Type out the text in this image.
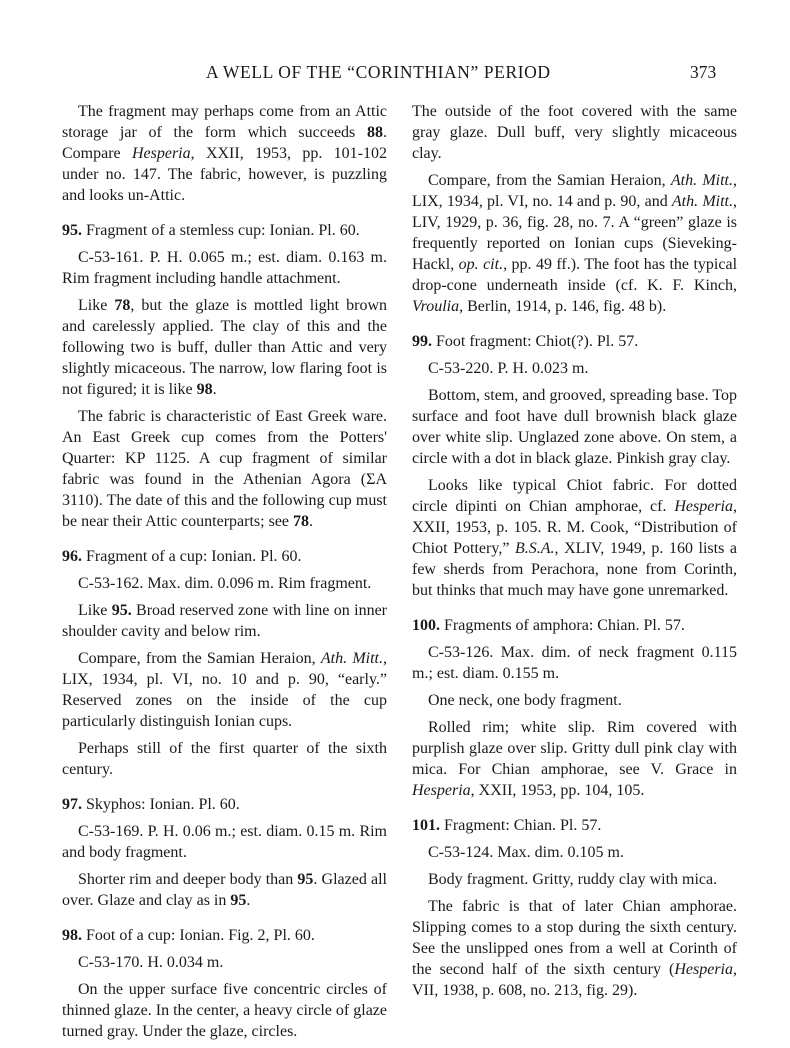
A WELL OF THE “CORINTHIAN” PERIOD	373

The fragment may perhaps come from an Attic storage jar of the form which succeeds 88. Compare Hesperia, XXII, 1953, pp. 101-102 under no. 147. The fabric, however, is puzzling and looks un-Attic.

95. Fragment of a stemless cup: Ionian. Pl. 60.

C-53-161. P. H. 0.065 m.; est. diam. 0.163 m. Rim fragment including handle attachment.

Like 78, but the glaze is mottled light brown and carelessly applied. The clay of this and the following two is buff, duller than Attic and very slightly micaceous. The narrow, low flaring foot is not figured; it is like 98.

The fabric is characteristic of East Greek ware. An East Greek cup comes from the Potters' Quarter: KP 1125. A cup fragment of similar fabric was found in the Athenian Agora (ΣA 3110). The date of this and the following cup must be near their Attic counterparts; see 78.

96. Fragment of a cup: Ionian. Pl. 60.

C-53-162. Max. dim. 0.096 m. Rim fragment.

Like 95. Broad reserved zone with line on inner shoulder cavity and below rim.

Compare, from the Samian Heraion, Ath. Mitt., LIX, 1934, pl. VI, no. 10 and p. 90, “early.” Reserved zones on the inside of the cup particularly distinguish Ionian cups.

Perhaps still of the first quarter of the sixth century.

97. Skyphos: Ionian. Pl. 60.

C-53-169. P. H. 0.06 m.; est. diam. 0.15 m. Rim and body fragment.

Shorter rim and deeper body than 95. Glazed all over. Glaze and clay as in 95.

98. Foot of a cup: Ionian. Fig. 2, Pl. 60.

C-53-170. H. 0.034 m.

On the upper surface five concentric circles of thinned glaze. In the center, a heavy circle of glaze turned gray. Under the glaze, circles.

The outside of the foot covered with the same gray glaze. Dull buff, very slightly micaceous clay.

Compare, from the Samian Heraion, Ath. Mitt., LIX, 1934, pl. VI, no. 14 and p. 90, and Ath. Mitt., LIV, 1929, p. 36, fig. 28, no. 7. A “green” glaze is frequently reported on Ionian cups (Sieveking-Hackl, op. cit., pp. 49 ff.). The foot has the typical drop-cone underneath inside (cf. K. F. Kinch, Vroulia, Berlin, 1914, p. 146, fig. 48 b).

99. Foot fragment: Chiot(?). Pl. 57.

C-53-220. P. H. 0.023 m.

Bottom, stem, and grooved, spreading base. Top surface and foot have dull brownish black glaze over white slip. Unglazed zone above. On stem, a circle with a dot in black glaze. Pinkish gray clay.

Looks like typical Chiot fabric. For dotted circle dipinti on Chian amphorae, cf. Hesperia, XXII, 1953, p. 105. R. M. Cook, “Distribution of Chiot Pottery,” B.S.A., XLIV, 1949, p. 160 lists a few sherds from Perachora, none from Corinth, but thinks that much may have gone unremarked.

100. Fragments of amphora: Chian. Pl. 57.

C-53-126. Max. dim. of neck fragment 0.115 m.; est. diam. 0.155 m.

One neck, one body fragment.

Rolled rim; white slip. Rim covered with purplish glaze over slip. Gritty dull pink clay with mica. For Chian amphorae, see V. Grace in Hesperia, XXII, 1953, pp. 104, 105.

101. Fragment: Chian. Pl. 57.

C-53-124. Max. dim. 0.105 m.

Body fragment. Gritty, ruddy clay with mica.

The fabric is that of later Chian amphorae. Slipping comes to a stop during the sixth century. See the unslipped ones from a well at Corinth of the second half of the sixth century (Hesperia, VII, 1938, p. 608, no. 213, fig. 29).
